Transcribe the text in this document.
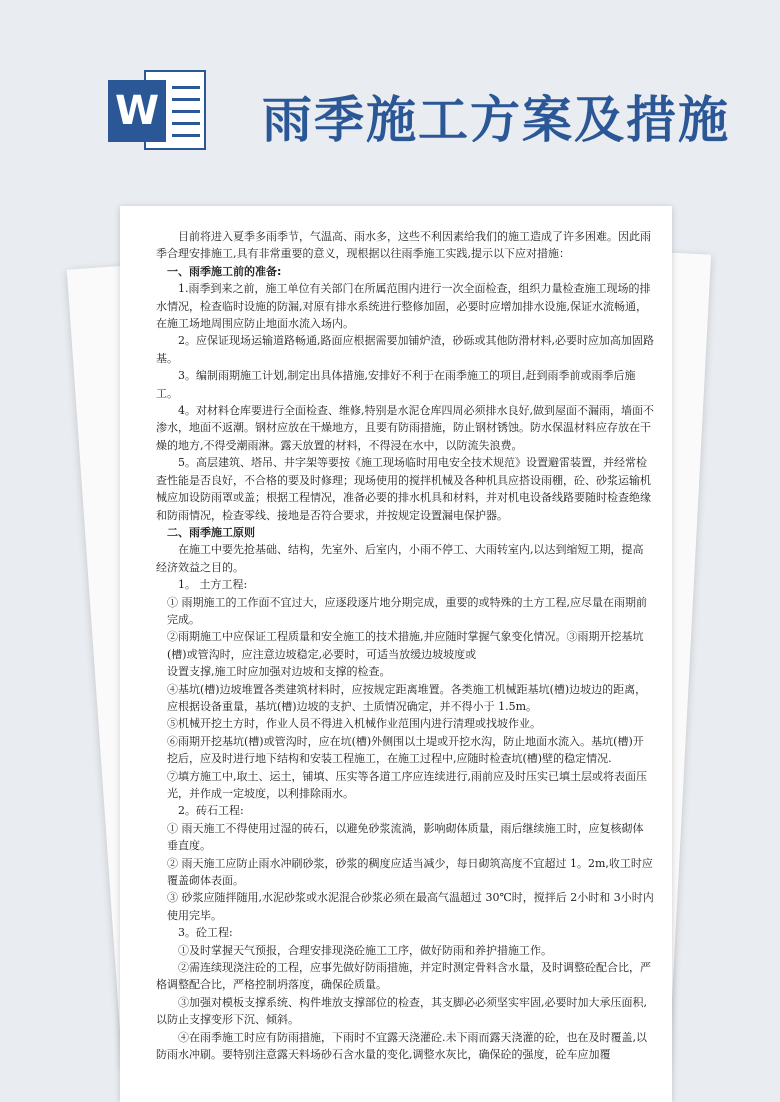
W 雨季施工方案及措施

目前将进入夏季多雨季节，气温高、雨水多，这些不利因素给我们的施工造成了许多困难。因此雨季合理安排施工,具有非常重要的意义，现根据以往雨季施工实践,提示以下应对措施：

一、雨季施工前的准备:

1.雨季到来之前，施工单位有关部门在所属范围内进行一次全面检查，组织力量检查施工现场的排水情况，检查临时设施的防漏,对原有排水系统进行整修加固，必要时应增加排水设施,保证水流畅通，在施工场地周围应防止地面水流入场内。

2。应保证现场运输道路畅通,路面应根据需要加铺炉渣，砂砾或其他防滑材料,必要时应加高加固路基。

3。编制雨期施工计划,制定出具体措施,安排好不利于在雨季施工的项目,赶到雨季前或雨季后施工。

4。对材料仓库要进行全面检查、维修,特别是水泥仓库四周必须排水良好,做到屋面不漏雨，墙面不渗水，地面不返潮。钢材应放在干燥地方，且要有防雨措施，防止钢材锈蚀。防水保温材料应存放在干燥的地方,不得受潮雨淋。露天放置的材料，不得浸在水中，以防流失浪费。

5。高层建筑、塔吊、井字架等要按《施工现场临时用电安全技术规范》设置避雷装置，并经常检查性能是否良好，不合格的要及时修理；现场使用的搅拌机械及各种机具应搭设雨棚，砼、砂浆运输机械应加设防雨罩或盖；根据工程情况，准备必要的排水机具和材料，并对机电设备线路要随时检查绝缘和防雨情况，检查零线、接地是否符合要求，并按规定设置漏电保护器。

二、雨季施工原则

在施工中要先抢基础、结构，先室外、后室内，小雨不停工、大雨转室内,以达到缩短工期，提高经济效益之目的。

1。 土方工程:

① 雨期施工的工作面不宜过大，应逐段逐片地分期完成，重要的或特殊的土方工程,应尽量在雨期前完成。

②雨期施工中应保证工程质量和安全施工的技术措施,并应随时掌握气象变化情况。③雨期开挖基坑(槽)或管沟时，应注意边坡稳定,必要时，可适当放缓边坡坡度或

设置支撑,施工时应加强对边坡和支撑的检查。

④基坑(槽)边坡堆置各类建筑材料时，应按规定距离堆置。各类施工机械距基坑(槽)边坡边的距离，应根据设备重量，基坑(槽)边坡的支护、土质情况确定，并不得小于 1.5m。

⑤机械开挖土方时，作业人员不得进入机械作业范围内进行清理或找坡作业。

⑥雨期开挖基坑(槽)或管沟时，应在坑(槽)外侧围以土堤或开挖水沟，防止地面水流入。基坑(槽)开挖后，应及时进行地下结构和安装工程施工，在施工过程中,应随时检查坑(槽)壁的稳定情况.

⑦填方施工中,取土、运土，铺填、压实等各道工序应连续进行,雨前应及时压实已填土层或将表面压光，并作成一定坡度，以利排除雨水。

2。砖石工程:

① 雨天施工不得使用过湿的砖石，以避免砂浆流淌，影响砌体质量，雨后继续施工时，应复核砌体垂直度。

② 雨天施工应防止雨水冲刷砂浆，砂浆的稠度应适当减少，每日砌筑高度不宜超过 1。2m,收工时应覆盖砌体表面。

③ 砂浆应随拌随用,水泥砂浆或水泥混合砂浆必须在最高气温超过 30℃时，搅拌后 2小时和 3小时内使用完毕。

3。砼工程:

①及时掌握天气预报，合理安排现浇砼施工工序，做好防雨和养护措施工作。

②需连续现浇注砼的工程，应事先做好防雨措施，并定时测定骨料含水量，及时调整砼配合比，严格调整配合比，严格控制坍落度，确保砼质量。

③加强对模板支撑系统、构件堆放支撑部位的检查，其支脚必必须坚实牢固,必要时加大承压面积,以防止支撑变形下沉、倾斜。

④在雨季施工时应有防雨措施，下雨时不宜露天浇灌砼.未下雨而露天浇灌的砼，也在及时覆盖,以防雨水冲刷。要特别注意露天料场砂石含水量的变化,调整水灰比，确保砼的强度，砼车应加覆
